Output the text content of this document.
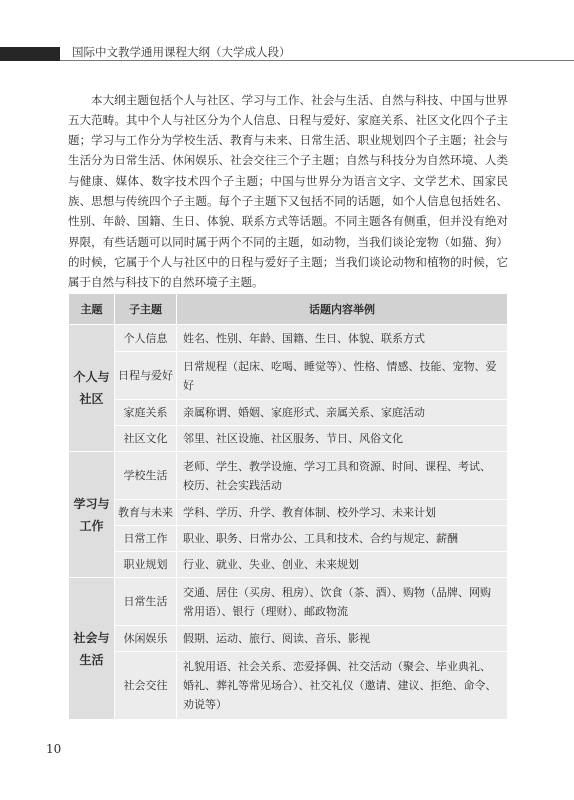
国际中文教学通用课程大纲（大学成人段）

本大纲主题包括个人与社区、学习与工作、社会与生活、自然与科技、中国与世界五大范畴。其中个人与社区分为个人信息、日程与爱好、家庭关系、社区文化四个子主题；学习与工作分为学校生活、教育与未来、日常生活、职业规划四个子主题；社会与生活分为日常生活、休闲娱乐、社会交往三个子主题；自然与科技分为自然环境、人类与健康、媒体、数字技术四个子主题；中国与世界分为语言文字、文学艺术、国家民族、思想与传统四个子主题。每个子主题下又包括不同的话题，如个人信息包括姓名、性别、年龄、国籍、生日、体貌、联系方式等话题。不同主题各有侧重，但并没有绝对界限，有些话题可以同时属于两个不同的主题，如动物，当我们谈论宠物（如猫、狗）的时候，它属于个人与社区中的日程与爱好子主题；当我们谈论动物和植物的时候，它属于自然与科技下的自然环境子主题。

主题	子主题	话题内容举例
个人与社区	个人信息	姓名、性别、年龄、国籍、生日、体貌、联系方式
	日程与爱好	日常规程（起床、吃喝、睡觉等）、性格、情感、技能、宠物、爱好
	家庭关系	亲属称谓、婚姻、家庭形式、亲属关系、家庭活动
	社区文化	邻里、社区设施、社区服务、节日、风俗文化
学习与工作	学校生活	老师、学生、教学设施、学习工具和资源、时间、课程、考试、校历、社会实践活动
	教育与未来	学科、学历、升学、教育体制、校外学习、未来计划
	日常工作	职业、职务、日常办公、工具和技术、合约与规定、薪酬
	职业规划	行业、就业、失业、创业、未来规划
社会与生活	日常生活	交通、居住（买房、租房）、饮食（茶、酒）、购物（品牌、网购常用语）、银行（理财）、邮政物流
	休闲娱乐	假期、运动、旅行、阅读、音乐、影视
	社会交往	礼貌用语、社会关系、恋爱择偶、社交活动（聚会、毕业典礼、婚礼、葬礼等常见场合）、社交礼仪（邀请、建议、拒绝、命令、劝说等）
10
